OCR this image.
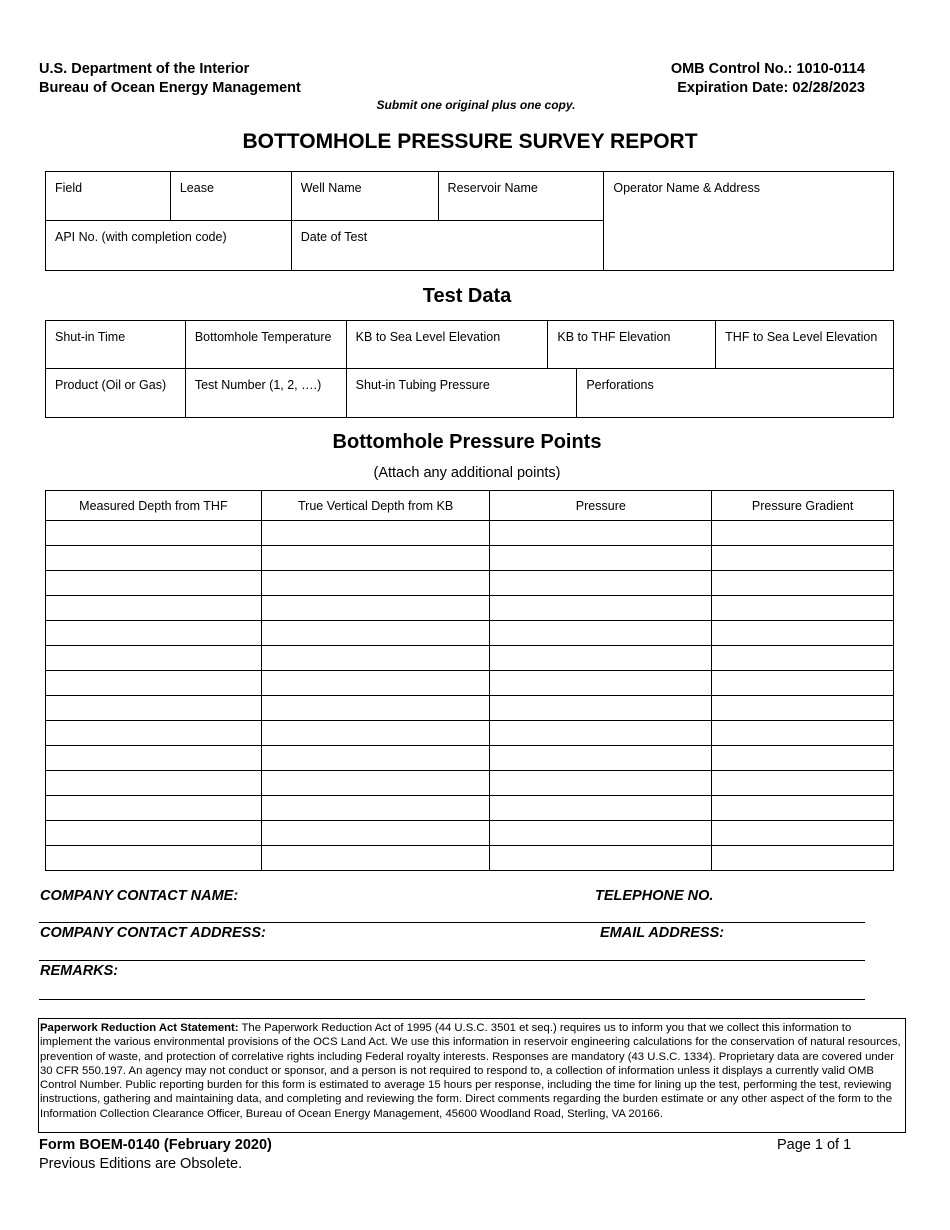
U.S. Department of the Interior
Bureau of Ocean Energy Management
OMB Control No.: 1010-0114
Expiration Date: 02/28/2023
Submit one original plus one copy.
BOTTOMHOLE PRESSURE SURVEY REPORT
Field	Lease	Well Name	Reservoir Name	Operator Name & Address
API No. (with completion code)		Date of Test		
Test Data
Shut-in Time	Bottomhole Temperature	KB to Sea Level Elevation	KB to THF Elevation		THF to Sea Level Elevation
Product (Oil or Gas)	Test Number (1, 2, ….)	Shut-in Tubing Pressure		Perforations	
Bottomhole Pressure Points
(Attach any additional points)
Measured Depth from THF	True Vertical Depth from KB	Pressure	Pressure Gradient

COMPANY CONTACT NAME:	TELEPHONE NO.
COMPANY CONTACT ADDRESS:	EMAIL ADDRESS:
REMARKS:
Paperwork Reduction Act Statement: The Paperwork Reduction Act of 1995 (44 U.S.C. 3501 et seq.) requires us to inform you that we collect this information to implement the various environmental provisions of the OCS Land Act. We use this information in reservoir engineering calculations for the conservation of natural resources, prevention of waste, and protection of correlative rights including Federal royalty interests. Responses are mandatory (43 U.S.C. 1334). Proprietary data are covered under 30 CFR 550.197. An agency may not conduct or sponsor, and a person is not required to respond to, a collection of information unless it displays a currently valid OMB Control Number. Public reporting burden for this form is estimated to average 15 hours per response, including the time for lining up the test, performing the test, reviewing instructions, gathering and maintaining data, and completing and reviewing the form. Direct comments regarding the burden estimate or any other aspect of the form to the Information Collection Clearance Officer, Bureau of Ocean Energy Management, 45600 Woodland Road, Sterling, VA 20166.
Form BOEM-0140 (February 2020)
Previous Editions are Obsolete.
Page 1 of 1
